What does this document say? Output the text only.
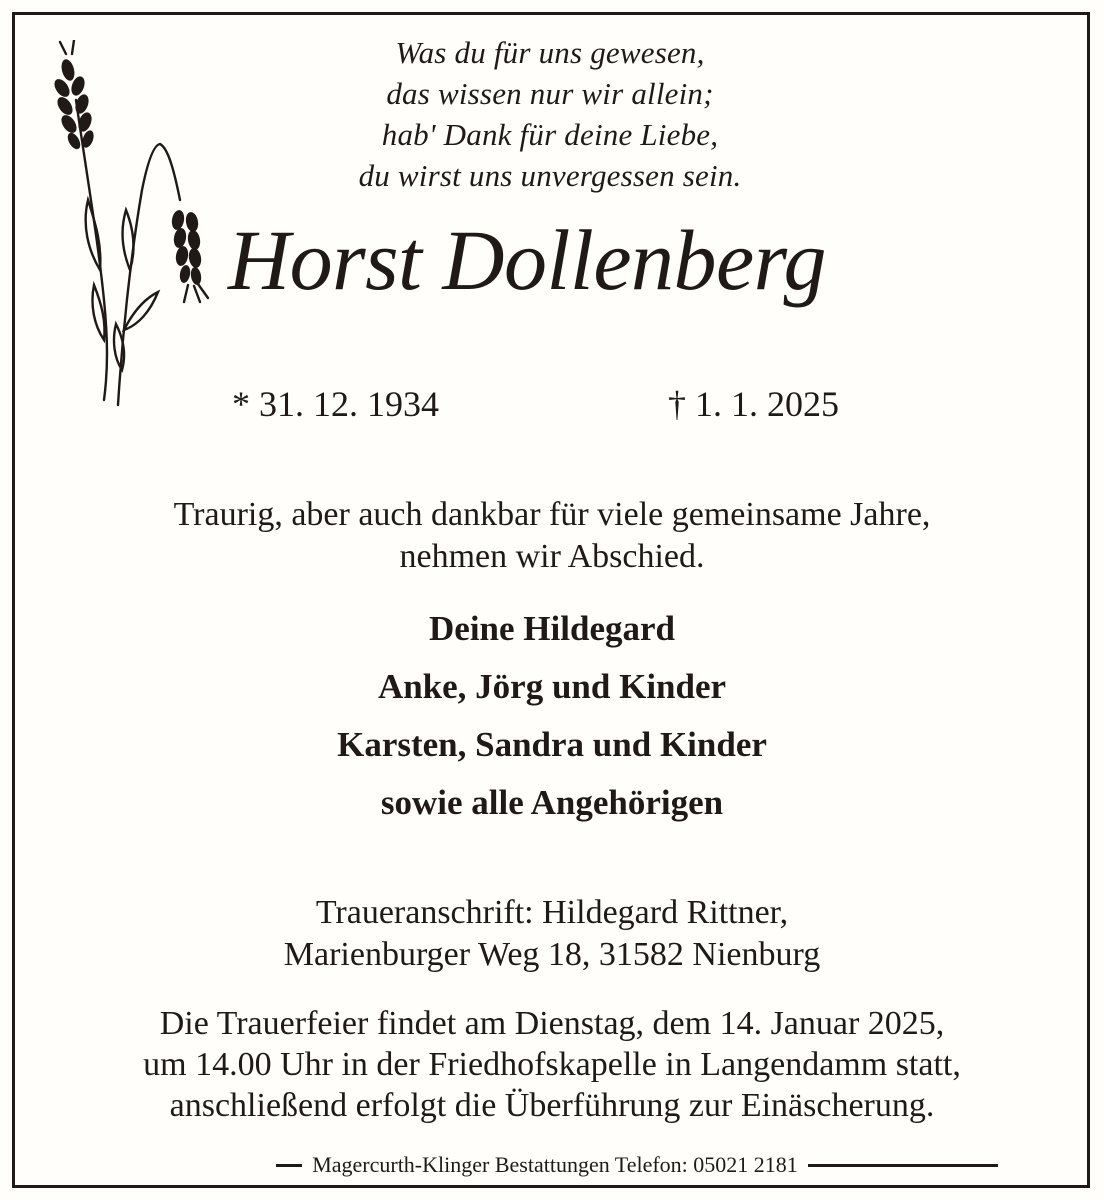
Was du für uns gewesen,
das wissen nur wir allein;
hab' Dank für deine Liebe,
du wirst uns unvergessen sein.
Horst Dollenberg
* 31. 12. 1934	† 1. 1. 2025
Traurig, aber auch dankbar für viele gemeinsame Jahre,
nehmen wir Abschied.
Deine Hildegard
Anke, Jörg und Kinder
Karsten, Sandra und Kinder
sowie alle Angehörigen
Traueranschrift: Hildegard Rittner,
Marienburger Weg 18, 31582 Nienburg
Die Trauerfeier findet am Dienstag, dem 14. Januar 2025,
um 14.00 Uhr in der Friedhofskapelle in Langendamm statt,
anschließend erfolgt die Überführung zur Einäscherung.
Magercurth-Klinger Bestattungen Telefon: 05021 2181
